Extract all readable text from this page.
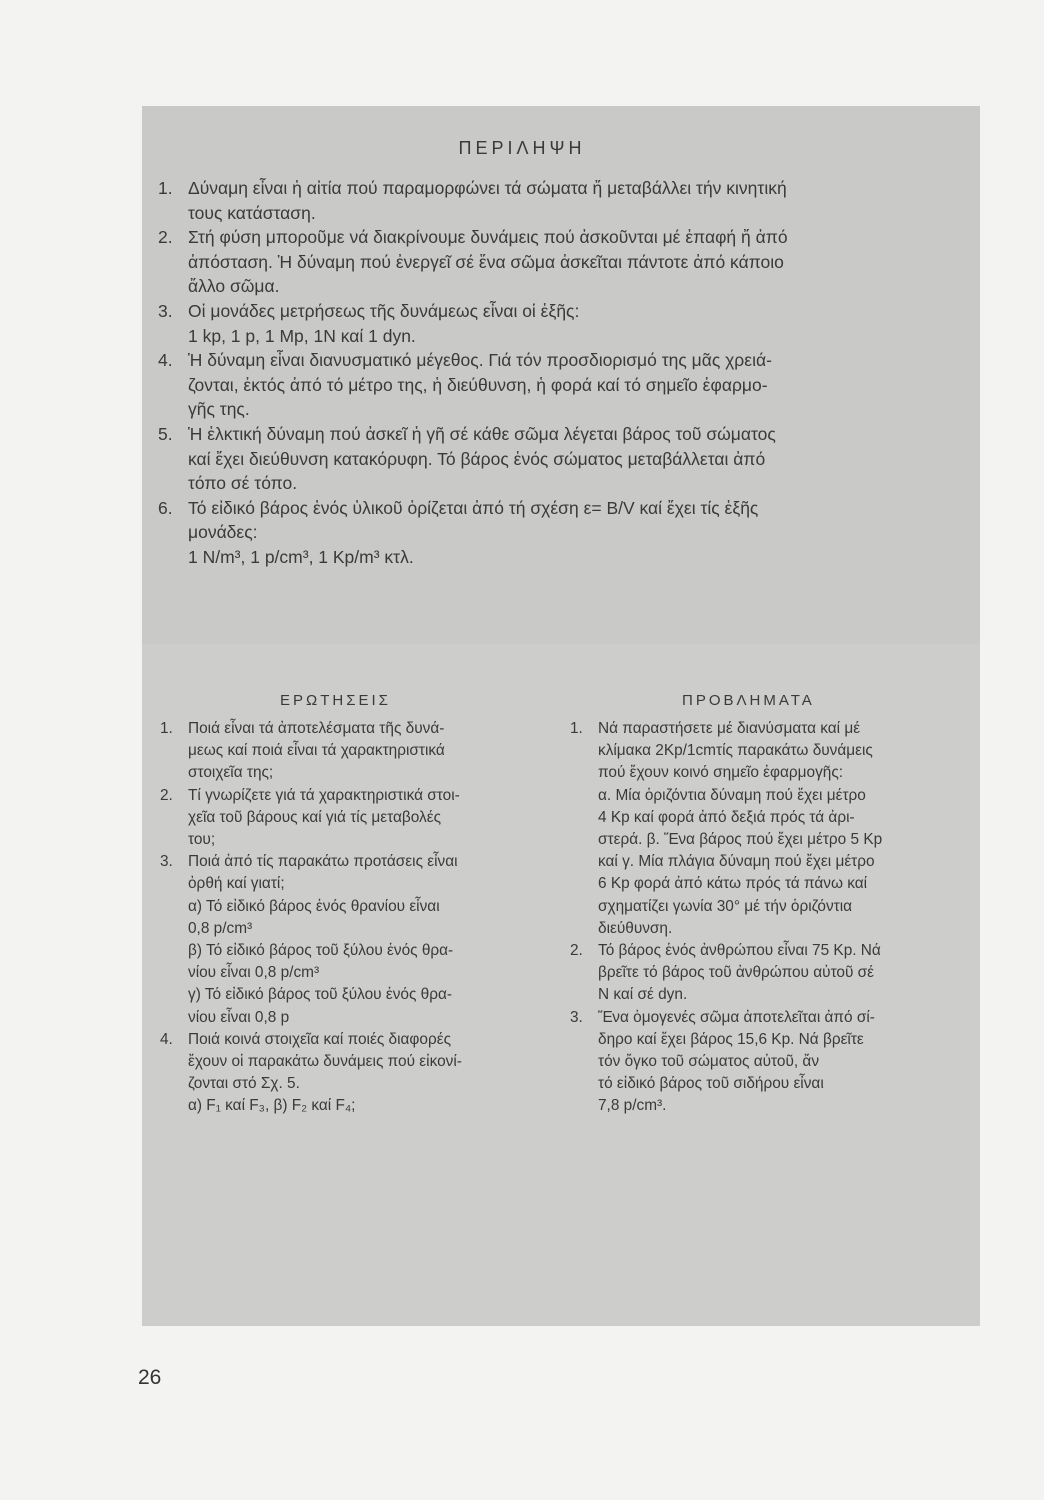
ΠΕΡΙΛΗΨΗ
1. Δύναμη εἶναι ἡ αἰτία πού παραμορφώνει τά σώματα ἤ μεταβάλλει τήν κινητική
τους κατάσταση.
2. Στή φύση μποροῦμε νά διακρίνουμε δυνάμεις πού ἀσκοῦνται μέ ἐπαφή ἤ ἀπό
ἀπόσταση. Ἡ δύναμη πού ἐνεργεῖ σέ ἕνα σῶμα ἀσκεῖται πάντοτε ἀπό κάποιο
ἄλλο σῶμα.
3. Οἱ μονάδες μετρήσεως τῆς δυνάμεως εἶναι οἱ ἑξῆς:
1 kp, 1 p, 1 Mp, 1N καί 1 dyn.
4. Ἡ δύναμη εἶναι διανυσματικό μέγεθος. Γιά τόν προσδιορισμό της μᾶς χρειά-
ζονται, ἐκτός ἀπό τό μέτρο της, ἡ διεύθυνση, ἡ φορά καί τό σημεῖο ἐφαρμο-
γῆς της.
5. Ἡ ἑλκτική δύναμη πού ἀσκεῖ ἡ γῆ σέ κάθε σῶμα λέγεται βάρος τοῦ σώματος
καί ἔχει διεύθυνση κατακόρυφη. Τό βάρος ἑνός σώματος μεταβάλλεται ἀπό
τόπο σέ τόπο.
6. Τό εἰδικό βάρος ἑνός ὑλικοῦ ὁρίζεται ἀπό τή σχέση ε= B/V καί ἔχει τίς ἑξῆς
μονάδες:
1 N/m³, 1 p/cm³, 1 Kp/m³ κτλ.
ΕΡΩΤΗΣΕΙΣ
1. Ποιά εἶναι τά ἀποτελέσματα τῆς δυνά-
μεως καί ποιά εἶναι τά χαρακτηριστικά
στοιχεῖα της;
2. Τί γνωρίζετε γιά τά χαρακτηριστικά στοι-
χεῖα τοῦ βάρους καί γιά τίς μεταβολές
του;
3. Ποιά ἀπό τίς παρακάτω προτάσεις εἶναι
ὀρθή καί γιατί;
α) Τό εἰδικό βάρος ἑνός θρανίου εἶναι
0,8 p/cm³
β) Τό εἰδικό βάρος τοῦ ξύλου ἑνός θρα-
νίου εἶναι 0,8 p/cm³
γ) Τό εἰδικό βάρος τοῦ ξύλου ἑνός θρα-
νίου εἶναι 0,8 p
4. Ποιά κοινά στοιχεῖα καί ποιές διαφορές
ἔχουν οἱ παρακάτω δυνάμεις πού εἰκονί-
ζονται στό Σχ. 5.
α) F₁ καί F₃, β) F₂ καί F₄;
ΠΡΟΒΛΗΜΑΤΑ
1. Νά παραστήσετε μέ διανύσματα καί μέ
κλίμακα 2Kp/1cmτίς παρακάτω δυνάμεις
πού ἔχουν κοινό σημεῖο ἐφαρμογῆς:
α. Μία ὁριζόντια δύναμη πού ἔχει μέτρο
4 Kp καί φορά ἀπό δεξιά πρός τά ἀρι-
στερά. β. Ἕνα βάρος πού ἔχει μέτρο 5 Kp
καί γ. Μία πλάγια δύναμη πού ἔχει μέτρο
6 Kp φορά ἀπό κάτω πρός τά πάνω καί
σχηματίζει γωνία 30° μέ τήν ὁριζόντια
διεύθυνση.
2. Τό βάρος ἑνός ἀνθρώπου εἶναι 75 Kp. Νά
βρεῖτε τό βάρος τοῦ ἀνθρώπου αὐτοῦ σέ
N καί σέ dyn.
3. Ἕνα ὁμογενές σῶμα ἀποτελεῖται ἀπό σί-
δηρο καί ἔχει βάρος 15,6 Kp. Νά βρεῖτε
τόν ὄγκο τοῦ σώματος αὐτοῦ, ἄν
τό εἰδικό βάρος τοῦ σιδήρου εἶναι
7,8 p/cm³.
26
